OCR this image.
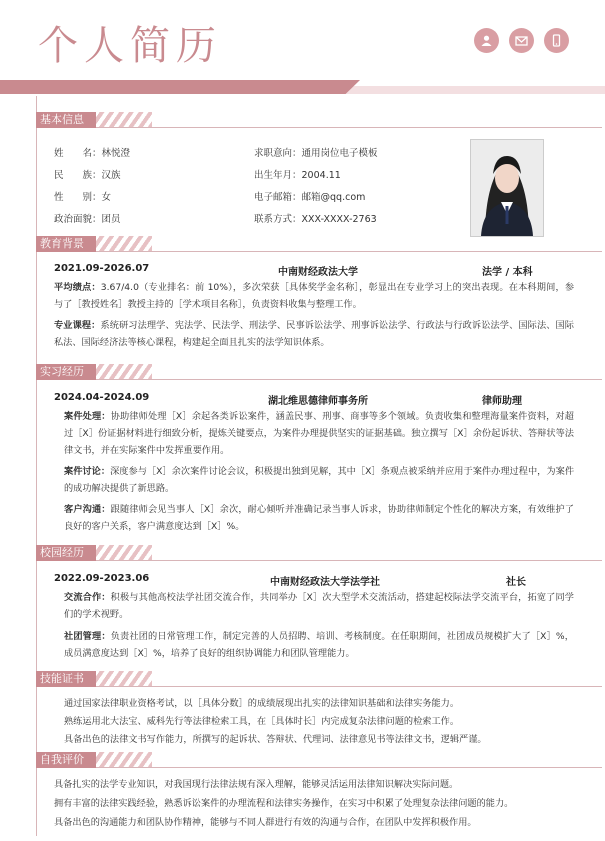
个人简历
基本信息
姓　　名：林悦澄
民　　族：汉族
性　　别：女
政治面貌：团员
求职意向：通用岗位电子模板
出生年月：2004.11
电子邮箱：邮箱@qq.com
联系方式：XXX-XXXX-2763
教育背景
2021.09-2026.07	中南财经政法大学	法学 / 本科
平均绩点：3.67/4.0（专业排名：前 10%），多次荣获［具体奖学金名称］，彰显出在专业学习上的突出表现。在本科期间，参与了［教授姓名］教授主持的［学术项目名称］，负责资料收集与整理工作。
专业课程：系统研习法理学、宪法学、民法学、刑法学、民事诉讼法学、刑事诉讼法学、行政法与行政诉讼法学、国际法、国际私法、国际经济法等核心课程，构建起全面且扎实的法学知识体系。
实习经历
2024.04-2024.09	湖北维思德律师事务所	律师助理
案件处理：协助律师处理［X］余起各类诉讼案件，涵盖民事、刑事、商事等多个领域。负责收集和整理海量案件资料，对超过［X］份证据材料进行细致分析，提炼关键要点，为案件办理提供坚实的证据基础。独立撰写［X］余份起诉状、答辩状等法律文书，并在实际案件中发挥重要作用。
案件讨论：深度参与［X］余次案件讨论会议，积极提出独到见解，其中［X］条观点被采纳并应用于案件办理过程中，为案件的成功解决提供了新思路。
客户沟通：跟随律师会见当事人［X］余次，耐心倾听并准确记录当事人诉求，协助律师制定个性化的解决方案，有效维护了良好的客户关系，客户满意度达到［X］%。
校园经历
2022.09-2023.06	中南财经政法大学法学社	社长
交流合作：积极与其他高校法学社团交流合作，共同举办［X］次大型学术交流活动，搭建起校际法学交流平台，拓宽了同学们的学术视野。
社团管理：负责社团的日常管理工作，制定完善的人员招聘、培训、考核制度。在任职期间，社团成员规模扩大了［X］%，成员满意度达到［X］%，培养了良好的组织协调能力和团队管理能力。
技能证书
通过国家法律职业资格考试，以［具体分数］的成绩展现出扎实的法律知识基础和法律实务能力。
熟练运用北大法宝、威科先行等法律检索工具，在［具体时长］内完成复杂法律问题的检索工作。
具备出色的法律文书写作能力，所撰写的起诉状、答辩状、代理词、法律意见书等法律文书，逻辑严谨。
自我评价
具备扎实的法学专业知识，对我国现行法律法规有深入理解，能够灵活运用法律知识解决实际问题。
拥有丰富的法律实践经验，熟悉诉讼案件的办理流程和法律实务操作，在实习中积累了处理复杂法律问题的能力。
具备出色的沟通能力和团队协作精神，能够与不同人群进行有效的沟通与合作，在团队中发挥积极作用。
